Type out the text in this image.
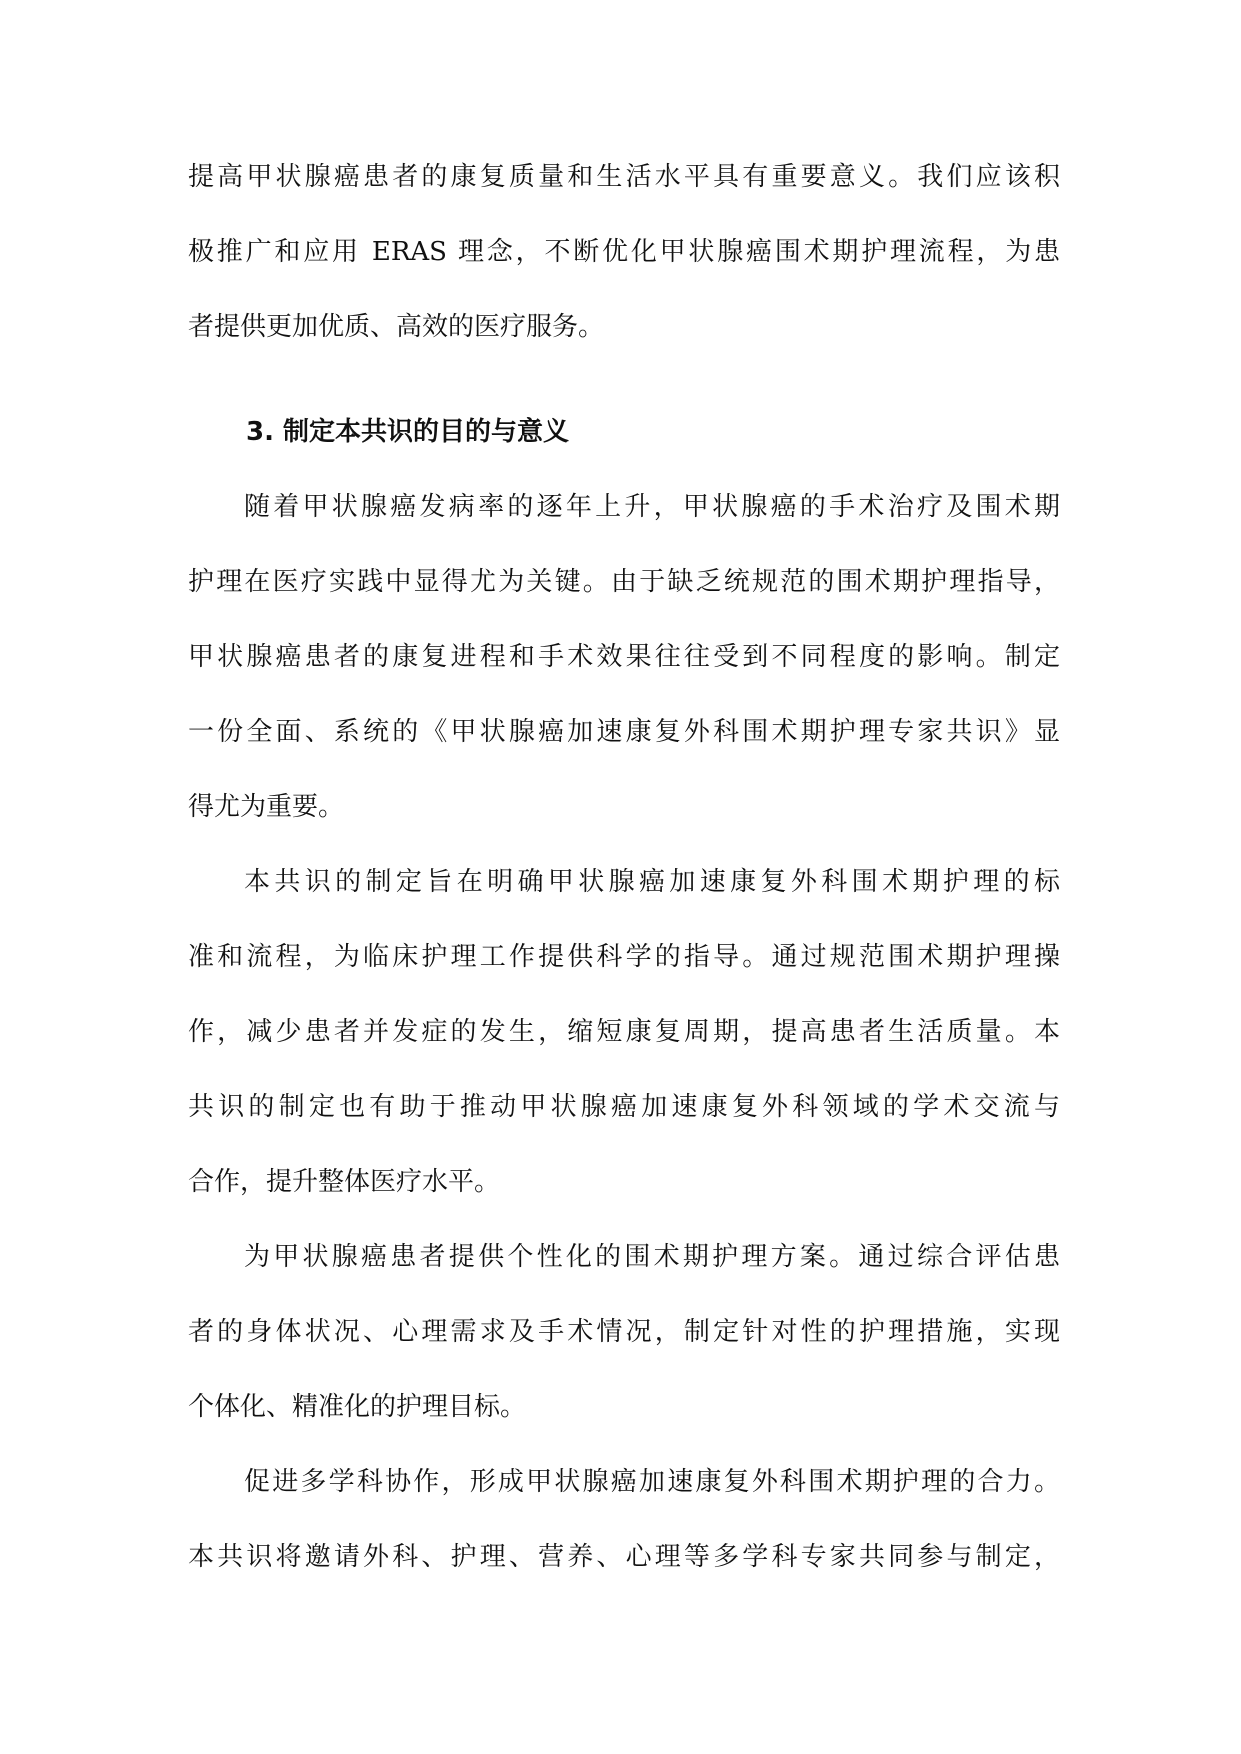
提高甲状腺癌患者的康复质量和生活水平具有重要意义。我们应该积
极推广和应用 ERAS 理念，不断优化甲状腺癌围术期护理流程，为患
者提供更加优质、高效的医疗服务。
3. 制定本共识的目的与意义
随着甲状腺癌发病率的逐年上升，甲状腺癌的手术治疗及围术期
护理在医疗实践中显得尤为关键。由于缺乏统规范的围术期护理指导，
甲状腺癌患者的康复进程和手术效果往往受到不同程度的影响。制定
一份全面、系统的《甲状腺癌加速康复外科围术期护理专家共识》显
得尤为重要。
本共识的制定旨在明确甲状腺癌加速康复外科围术期护理的标
准和流程，为临床护理工作提供科学的指导。通过规范围术期护理操
作，减少患者并发症的发生，缩短康复周期，提高患者生活质量。本
共识的制定也有助于推动甲状腺癌加速康复外科领域的学术交流与
合作，提升整体医疗水平。
为甲状腺癌患者提供个性化的围术期护理方案。通过综合评估患
者的身体状况、心理需求及手术情况，制定针对性的护理措施，实现
个体化、精准化的护理目标。
促进多学科协作，形成甲状腺癌加速康复外科围术期护理的合力。
本共识将邀请外科、护理、营养、心理等多学科专家共同参与制定，
